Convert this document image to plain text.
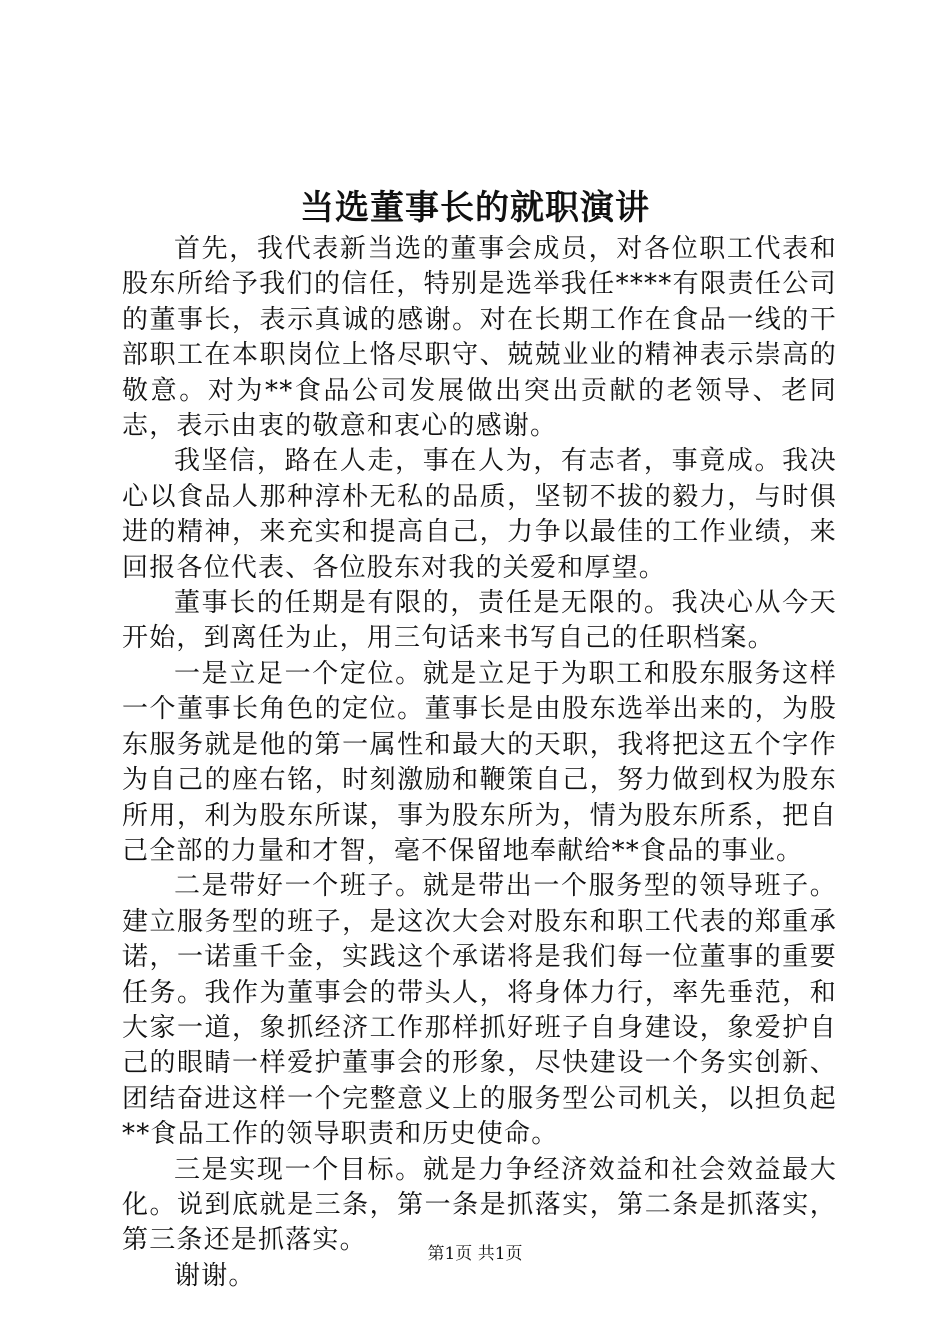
当选董事长的就职演讲

首先，我代表新当选的董事会成员，对各位职工代表和股东所给予我们的信任，特别是选举我任****有限责任公司的董事长，表示真诚的感谢。对在长期工作在食品一线的干部职工在本职岗位上恪尽职守、兢兢业业的精神表示崇高的敬意。对为**食品公司发展做出突出贡献的老领导、老同志，表示由衷的敬意和衷心的感谢。

我坚信，路在人走，事在人为，有志者，事竟成。我决心以食品人那种淳朴无私的品质，坚韧不拔的毅力，与时俱进的精神，来充实和提高自己，力争以最佳的工作业绩，来回报各位代表、各位股东对我的关爱和厚望。

董事长的任期是有限的，责任是无限的。我决心从今天开始，到离任为止，用三句话来书写自己的任职档案。

一是立足一个定位。就是立足于为职工和股东服务这样一个董事长角色的定位。董事长是由股东选举出来的，为股东服务就是他的第一属性和最大的天职，我将把这五个字作为自己的座右铭，时刻激励和鞭策自己，努力做到权为股东所用，利为股东所谋，事为股东所为，情为股东所系，把自己全部的力量和才智，毫不保留地奉献给**食品的事业。

二是带好一个班子。就是带出一个服务型的领导班子。建立服务型的班子，是这次大会对股东和职工代表的郑重承诺，一诺重千金，实践这个承诺将是我们每一位董事的重要任务。我作为董事会的带头人，将身体力行，率先垂范，和大家一道，象抓经济工作那样抓好班子自身建设，象爱护自己的眼睛一样爱护董事会的形象，尽快建设一个务实创新、团结奋进这样一个完整意义上的服务型公司机关，以担负起**食品工作的领导职责和历史使命。

三是实现一个目标。就是力争经济效益和社会效益最大化。说到底就是三条，第一条是抓落实，第二条是抓落实，第三条还是抓落实。

谢谢。

第1页 共1页
